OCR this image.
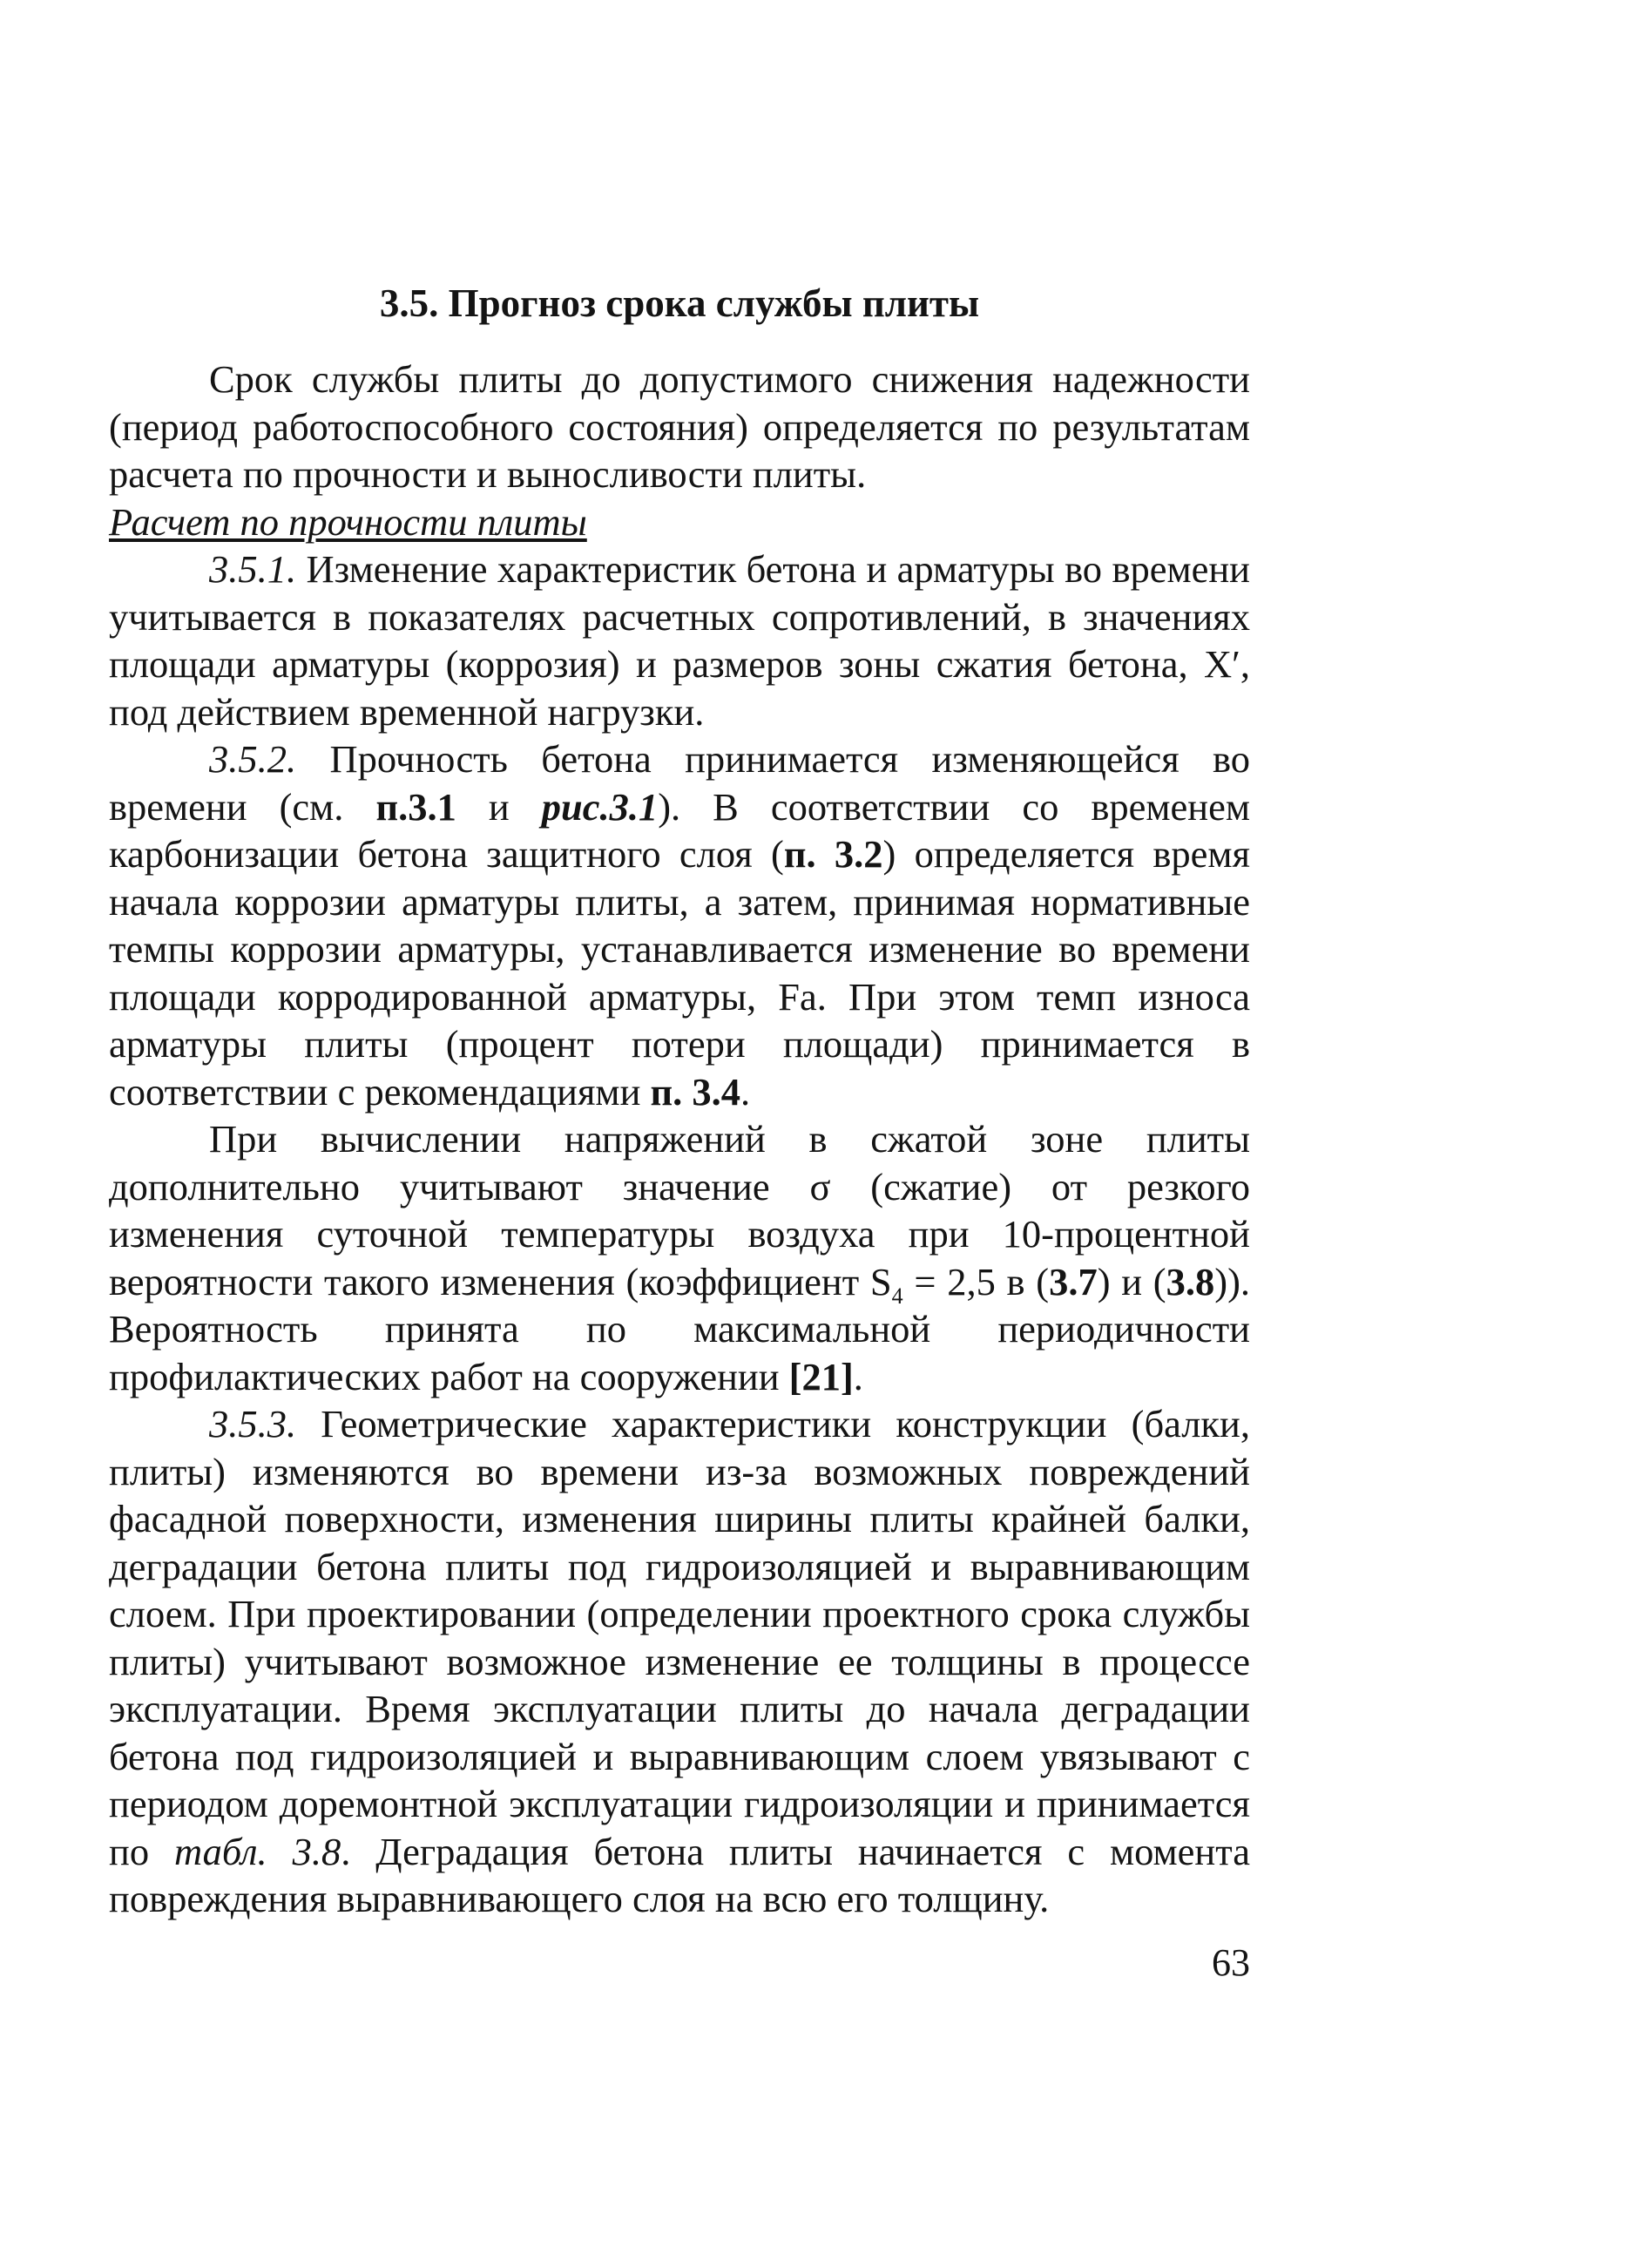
3.5. Прогноз срока службы плиты

Срок службы плиты до допустимого снижения надежности (период работоспособного состояния) определяется по результатам расчета по прочности и выносливости плиты.

Расчет по прочности плиты

3.5.1. Изменение характеристик бетона и арматуры во времени учитывается в показателях расчетных сопротивлений, в значениях площади арматуры (коррозия) и размеров зоны сжатия бетона, X′, под действием временной нагрузки.

3.5.2. Прочность бетона принимается изменяющейся во времени (см. п.3.1 и рис.3.1). В соответствии со временем карбонизации бетона защитного слоя (п. 3.2) определяется время начала коррозии арматуры плиты, а затем, принимая нормативные темпы коррозии арматуры, устанавливается изменение во времени площади корродированной арматуры, Fa. При этом темп износа арматуры плиты (процент потери площади) принимается в соответствии с рекомендациями п. 3.4.

При вычислении напряжений в сжатой зоне плиты дополнительно учитывают значение σ (сжатие) от резкого изменения суточной температуры воздуха при 10-процентной вероятности такого изменения (коэффициент $S_4 = 2,5$ в (3.7) и (3.8)). Вероятность принята по максимальной периодичности профилактических работ на сооружении [21].

3.5.3. Геометрические характеристики конструкции (балки, плиты) изменяются во времени из-за возможных повреждений фасадной поверхности, изменения ширины плиты крайней балки, деградации бетона плиты под гидроизоляцией и выравнивающим слоем. При проектировании (определении проектного срока службы плиты) учитывают возможное изменение ее толщины в процессе эксплуатации. Время эксплуатации плиты до начала деградации бетона под гидроизоляцией и выравнивающим слоем увязывают с периодом доремонтной эксплуатации гидроизоляции и принимается по табл. 3.8. Деградация бетона плиты начинается с момента повреждения выравнивающего слоя на всю его толщину.

63
